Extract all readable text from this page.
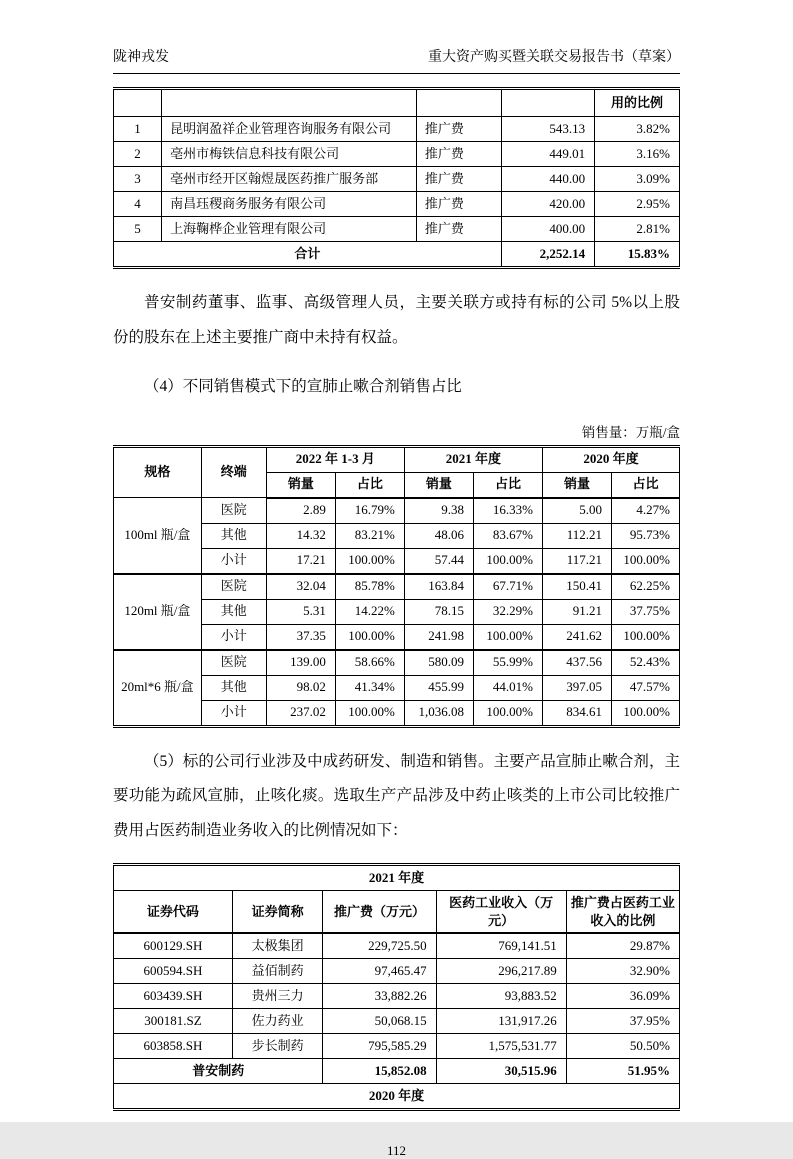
陇神戎发	重大资产购买暨关联交易报告书（草案）
				用的比例
1	昆明润盈祥企业管理咨询服务有限公司	推广费	543.13	3.82%
2	亳州市梅铁信息科技有限公司	推广费	449.01	3.16%
3	亳州市经开区翰煜晟医药推广服务部	推广费	440.00	3.09%
4	南昌珏稷商务服务有限公司	推广费	420.00	2.95%
5	上海鞠桦企业管理有限公司	推广费	400.00	2.81%
合计			2,252.14	15.83%

普安制药董事、监事、高级管理人员，主要关联方或持有标的公司 5%以上股份的股东在上述主要推广商中未持有权益。

（4）不同销售模式下的宣肺止嗽合剂销售占比

销售量：万瓶/盒
规格	终端	2022 年 1-3 月		2021 年度		2020 年度	
		销量	占比	销量	占比	销量	占比
100ml 瓶/盒	医院	2.89	16.79%	9.38	16.33%	5.00	4.27%
	其他	14.32	83.21%	48.06	83.67%	112.21	95.73%
	小计	17.21	100.00%	57.44	100.00%	117.21	100.00%
120ml 瓶/盒	医院	32.04	85.78%	163.84	67.71%	150.41	62.25%
	其他	5.31	14.22%	78.15	32.29%	91.21	37.75%
	小计	37.35	100.00%	241.98	100.00%	241.62	100.00%
20ml*6 瓶/盒	医院	139.00	58.66%	580.09	55.99%	437.56	52.43%
	其他	98.02	41.34%	455.99	44.01%	397.05	47.57%
	小计	237.02	100.00%	1,036.08	100.00%	834.61	100.00%

（5）标的公司行业涉及中成药研发、制造和销售。主要产品宣肺止嗽合剂，主要功能为疏风宣肺，止咳化痰。选取生产产品涉及中药止咳类的上市公司比较推广费用占医药制造业务收入的比例情况如下：

2021 年度				
证券代码	证券简称	推广费（万元）	医药工业收入（万元）	推广费占医药工业收入的比例
600129.SH	太极集团	229,725.50	769,141.51	29.87%
600594.SH	益佰制药	97,465.47	296,217.89	32.90%
603439.SH	贵州三力	33,882.26	93,883.52	36.09%
300181.SZ	佐力药业	50,068.15	131,917.26	37.95%
603858.SH	步长制药	795,585.29	1,575,531.77	50.50%
普安制药		15,852.08	30,515.96	51.95%
2020 年度				
112
